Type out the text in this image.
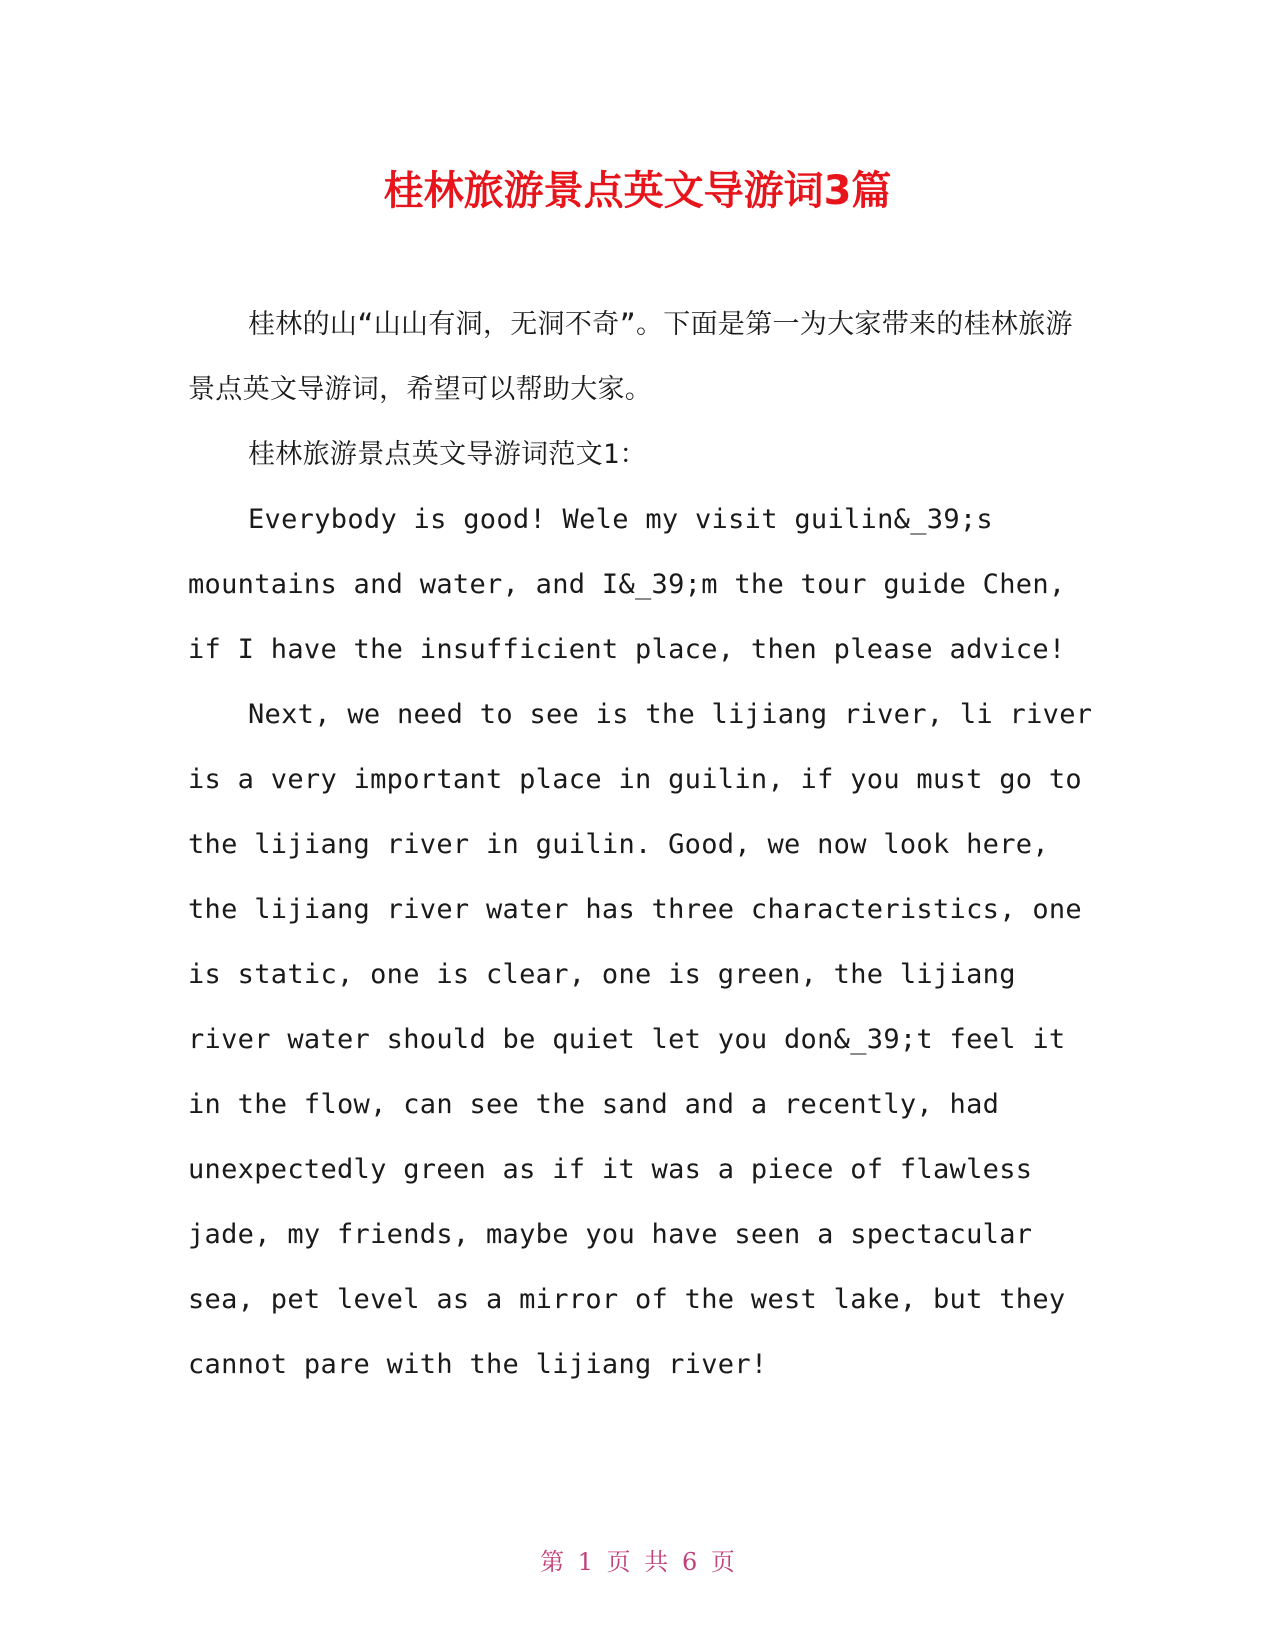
桂林旅游景点英文导游词3篇

桂林的山“山山有洞，无洞不奇”。下面是第一为大家带来的桂林旅游景点英文导游词，希望可以帮助大家。

桂林旅游景点英文导游词范文1：

Everybody is good! Wele my visit guilin&_39;s mountains and water, and I&_39;m the tour guide Chen, if I have the insufficient place, then please advice!

Next, we need to see is the lijiang river, li river is a very important place in guilin, if you must go to the lijiang river in guilin. Good, we now look here, the lijiang river water has three characteristics, one is static, one is clear, one is green, the lijiang river water should be quiet let you don&_39;t feel it in the flow, can see the sand and a recently, had unexpectedly green as if it was a piece of flawless jade, my friends, maybe you have seen a spectacular sea, pet level as a mirror of the west lake, but they cannot pare with the lijiang river!

第 1 页 共 6 页
